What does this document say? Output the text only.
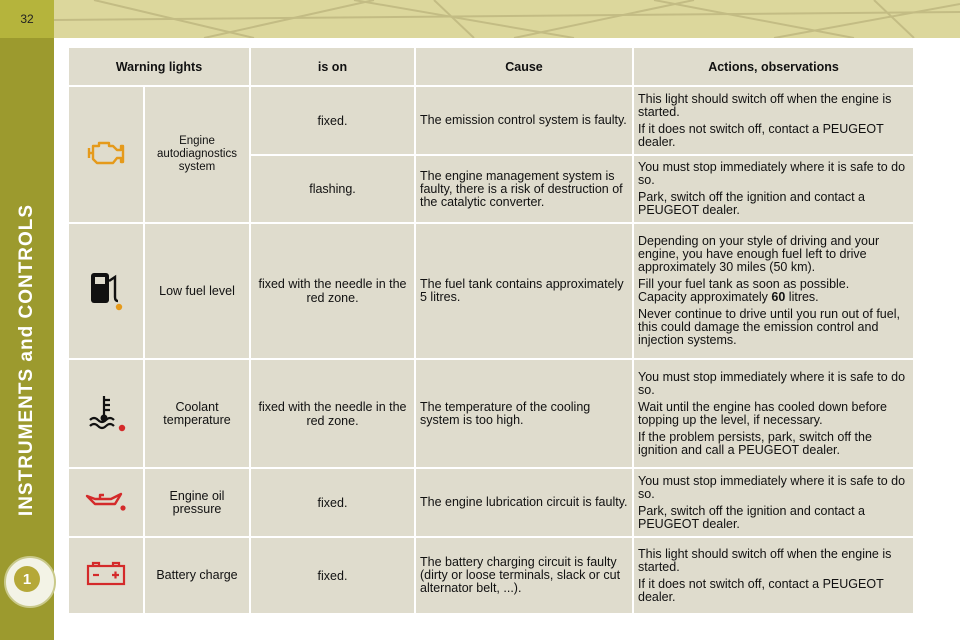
32
INSTRUMENTS and CONTROLS
1
Warning lights		is on	Cause	Actions, observations
	Engine autodiagnostics system	fixed.	The emission control system is faulty.	This light should switch off when the engine is started.

If it does not switch off, contact a PEUGEOT dealer.

		flashing.	The engine management system is faulty, there is a risk of destruction of the catalytic converter.	You must stop immediately where it is safe to do so.

Park, switch off the ignition and contact a PEUGEOT dealer.

	Low fuel level	fixed with the needle in the red zone.	The fuel tank contains approximately 5 litres.	Depending on your style of driving and your engine, you have enough fuel left to drive approximately 30 miles (50 km).

Fill your fuel tank as soon as possible.
Capacity approximately 60 litres.

Never continue to drive until you run out of fuel, this could damage the emission control and injection systems.

	Coolant temperature	fixed with the needle in the red zone.	The temperature of the cooling system is too high.	You must stop immediately where it is safe to do so.

Wait until the engine has cooled down before topping up the level, if necessary.

If the problem persists, park, switch off the ignition and call a PEUGEOT dealer.

	Engine oil pressure	fixed.	The engine lubrication circuit is faulty.	You must stop immediately where it is safe to do so.

Park, switch off the ignition and contact a PEUGEOT dealer.

	Battery charge	fixed.	The battery charging circuit is faulty (dirty or loose terminals, slack or cut alternator belt, ...).	This light should switch off when the engine is started.

If it does not switch off, contact a PEUGEOT dealer.
